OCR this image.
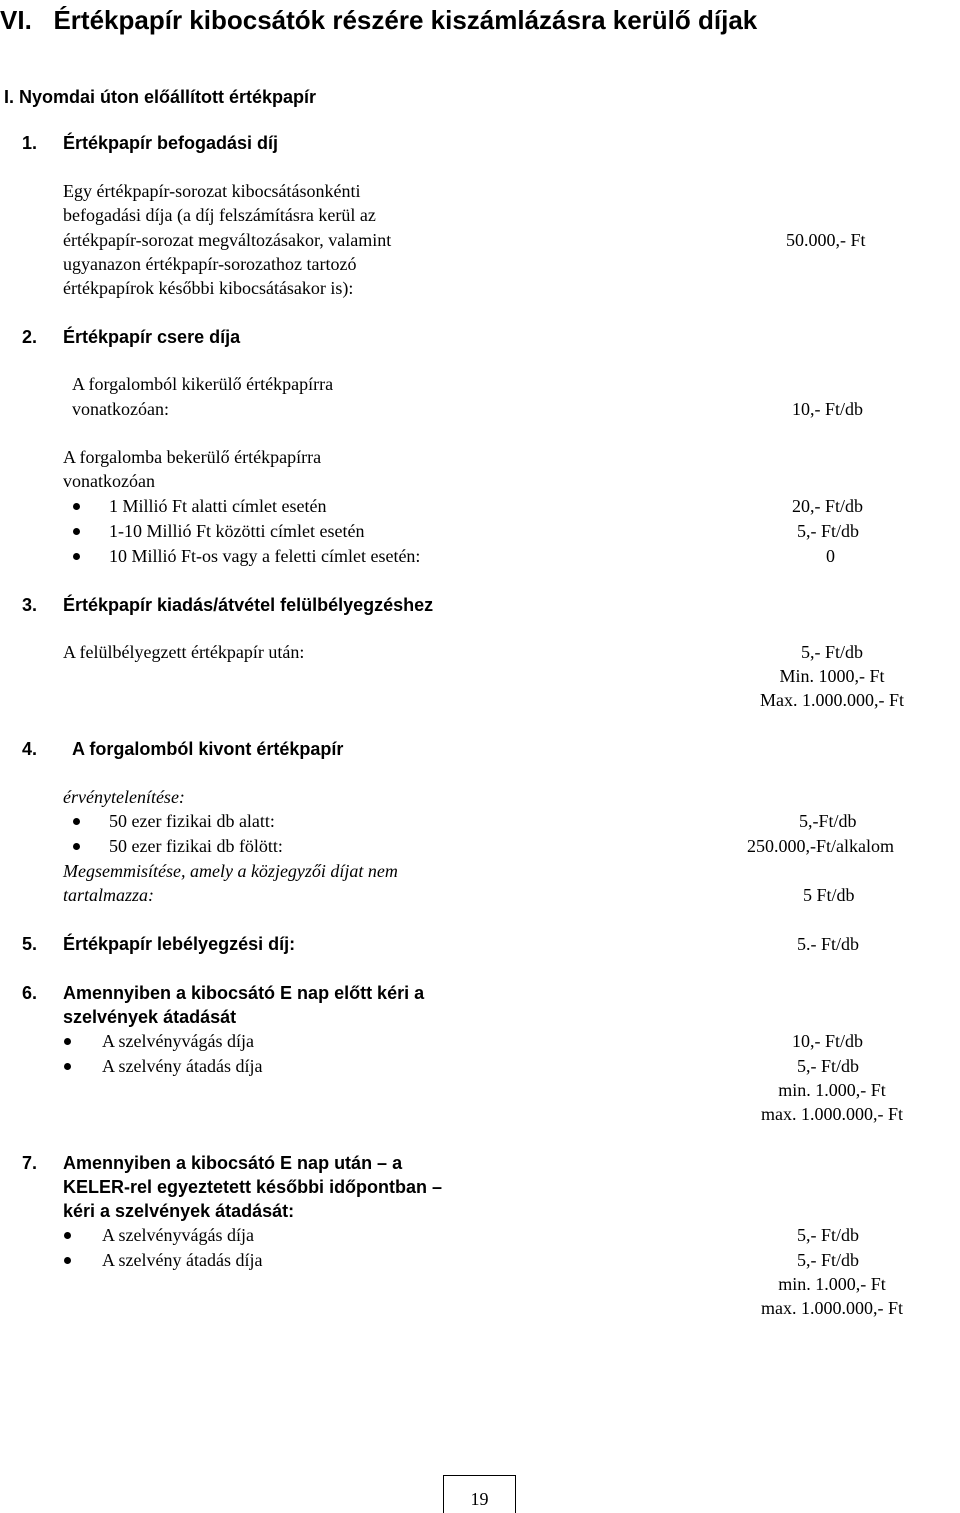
VI.   Értékpapír kibocsátók részére kiszámlázásra kerülő díjak
I. Nyomdai úton előállított értékpapír
1. Értékpapír befogadási díj
Egy értékpapír-sorozat kibocsátásonkénti
befogadási díja (a díj felszámításra kerül az
értékpapír-sorozat megváltozásakor, valamint
ugyanazon értékpapír-sorozathoz tartozó
értékpapírok későbbi kibocsátásakor is):
50.000,- Ft
2. Értékpapír csere díja
A forgalomból kikerülő értékpapírra
vonatkozóan:	10,- Ft/db
A forgalomba bekerülő értékpapírra
vonatkozóan
1 Millió Ft alatti címlet esetén	20,- Ft/db
1-10 Millió Ft közötti címlet esetén	5,- Ft/db
10 Millió Ft-os vagy a feletti címlet esetén:	0
3. Értékpapír kiadás/átvétel felülbélyegzéshez
A felülbélyegzett értékpapír után:	5,- Ft/db
Min. 1000,- Ft
Max. 1.000.000,- Ft
4. A forgalomból kivont értékpapír
érvénytelenítése:
50 ezer fizikai db alatt:	5,-Ft/db
50 ezer fizikai db fölött:	250.000,-Ft/alkalom
Megsemmisítése, amely a közjegyzői díjat nem
tartalmazza:	5 Ft/db
5. Értékpapír lebélyegzési díj:	5.- Ft/db
6. Amennyiben a kibocsátó E nap előtt kéri a
szelvények átadását
A szelvényvágás díja	10,- Ft/db
A szelvény átadás díja	5,- Ft/db
min. 1.000,- Ft
max. 1.000.000,- Ft
7. Amennyiben a kibocsátó E nap után – a
KELER-rel egyeztetett későbbi időpontban –
kéri a szelvények átadását:
A szelvényvágás díja	5,- Ft/db
A szelvény átadás díja	5,- Ft/db
min. 1.000,- Ft
max. 1.000.000,- Ft
19
